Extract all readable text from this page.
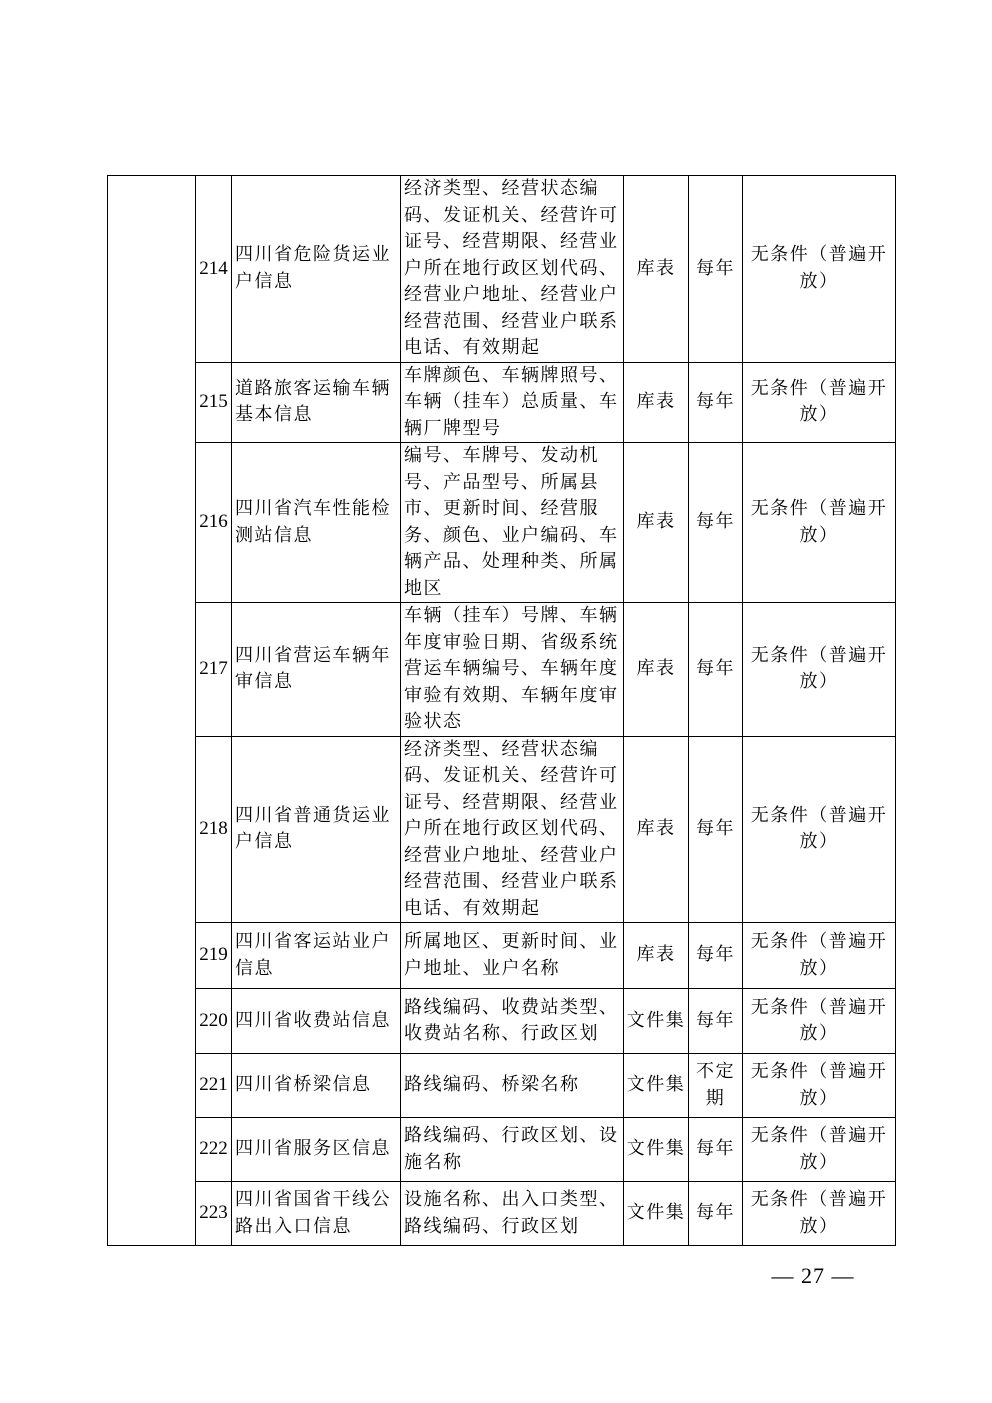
	214	四川省危险货运业户信息	经济类型、经营状态编码、发证机关、经营许可证号、经营期限、经营业户所在地行政区划代码、经营业户地址、经营业户经营范围、经营业户联系电话、有效期起	库表	每年	无条件（普遍开放）
	215	道路旅客运输车辆基本信息	车牌颜色、车辆牌照号、车辆（挂车）总质量、车辆厂牌型号	库表	每年	无条件（普遍开放）
	216	四川省汽车性能检测站信息	编号、车牌号、发动机号、产品型号、所属县市、更新时间、经营服务、颜色、业户编码、车辆产品、处理种类、所属地区	库表	每年	无条件（普遍开放）
	217	四川省营运车辆年审信息	车辆（挂车）号牌、车辆年度审验日期、省级系统营运车辆编号、车辆年度审验有效期、车辆年度审验状态	库表	每年	无条件（普遍开放）
	218	四川省普通货运业户信息	经济类型、经营状态编码、发证机关、经营许可证号、经营期限、经营业户所在地行政区划代码、经营业户地址、经营业户经营范围、经营业户联系电话、有效期起	库表	每年	无条件（普遍开放）
	219	四川省客运站业户信息	所属地区、更新时间、业户地址、业户名称	库表	每年	无条件（普遍开放）
	220	四川省收费站信息	路线编码、收费站类型、收费站名称、行政区划	文件集	每年	无条件（普遍开放）
	221	四川省桥梁信息	路线编码、桥梁名称	文件集	不定期	无条件（普遍开放）
	222	四川省服务区信息	路线编码、行政区划、设施名称	文件集	每年	无条件（普遍开放）
	223	四川省国省干线公路出入口信息	设施名称、出入口类型、路线编码、行政区划	文件集	每年	无条件（普遍开放）
— 27 —
